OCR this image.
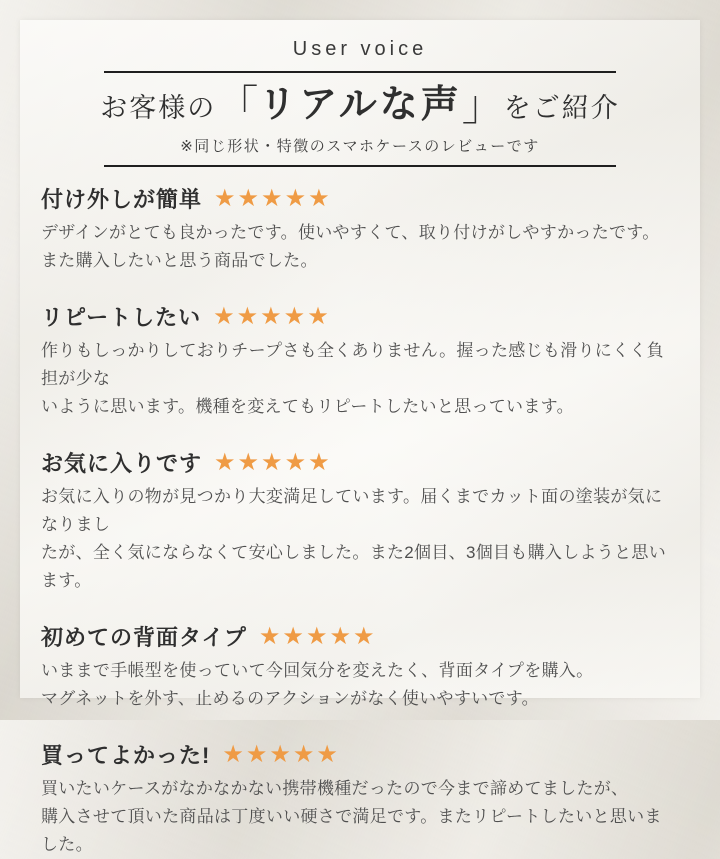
User voice
お客様の「リアルな声」をご紹介
※同じ形状・特徴のスマホケースのレビューです
付け外しが簡単 ★★★★★

デザインがとても良かったです。使いやすくて、取り付けがしやすかったです。
また購入したいと思う商品でした。

リピートしたい ★★★★★

作りもしっかりしておりチープさも全くありません。握った感じも滑りにくく負担が少な
いように思います。機種を変えてもリピートしたいと思っています。

お気に入りです ★★★★★

お気に入りの物が見つかり大変満足しています。届くまでカット面の塗装が気になりまし
たが、全く気にならなくて安心しました。また2個目、3個目も購入しようと思います。

初めての背面タイプ ★★★★★

いままで手帳型を使っていて今回気分を変えたく、背面タイプを購入。
マグネットを外す、止めるのアクションがなく使いやすいです。

買ってよかった! ★★★★★

買いたいケースがなかなかない携帯機種だったので今まで諦めてましたが、
購入させて頂いた商品は丁度いい硬さで満足です。またリピートしたいと思いました。
